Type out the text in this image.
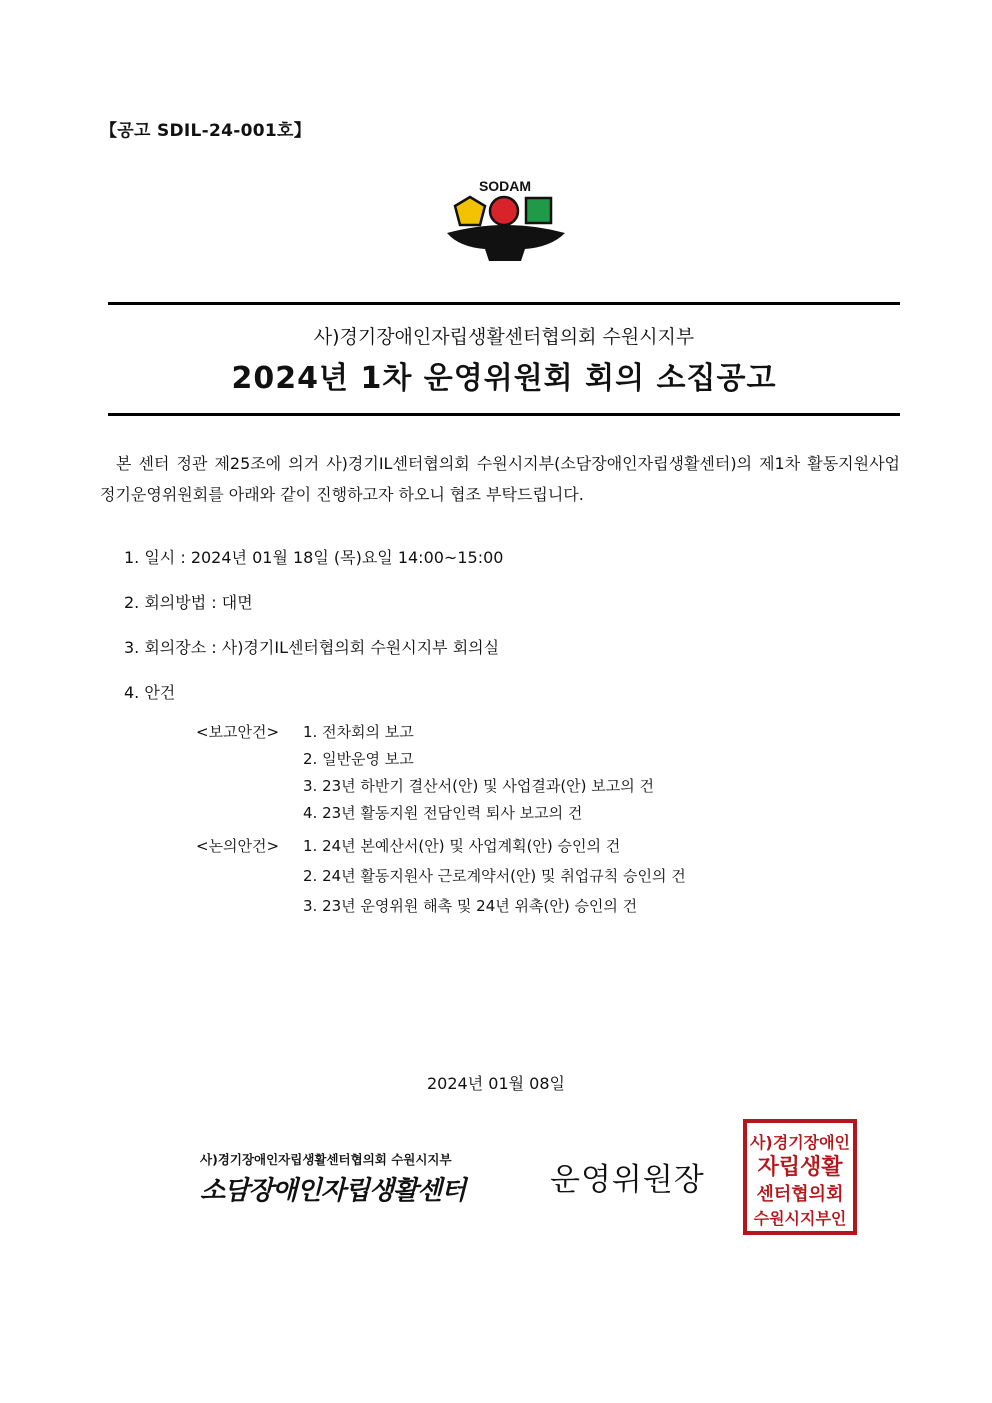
【공고 SDIL-24-001호】
SODAM
사)경기장애인자립생활센터협의회 수원시지부
2024년 1차 운영위원회 회의 소집공고
본 센터 정관 제25조에 의거 사)경기IL센터협의회 수원시지부(소담장애인자립생활센터)의 제1차 활동지원사업 정기운영위원회를 아래와 같이 진행하고자 하오니 협조 부탁드립니다.
1. 일시 : 2024년 01월 18일 (목)요일 14:00~15:00
2. 회의방법 : 대면
3. 회의장소 : 사)경기IL센터협의회 수원시지부 회의실
4. 안건
<보고안건> 1. 전차회의 보고
2. 일반운영 보고
3. 23년 하반기 결산서(안) 및 사업결과(안) 보고의 건
4. 23년 활동지원 전담인력 퇴사 보고의 건
<논의안건> 1. 24년 본예산서(안) 및 사업계획(안) 승인의 건
2. 24년 활동지원사 근로계약서(안) 및 취업규칙 승인의 건
3. 23년 운영위원 해촉 및 24년 위촉(안) 승인의 건
2024년 01월 08일
사)경기장애인자립생활센터협의회 수원시지부
소담장애인자립생활센터	운영위원장
사)경기장애인
자립생활
센터협의회
수원시지부인
